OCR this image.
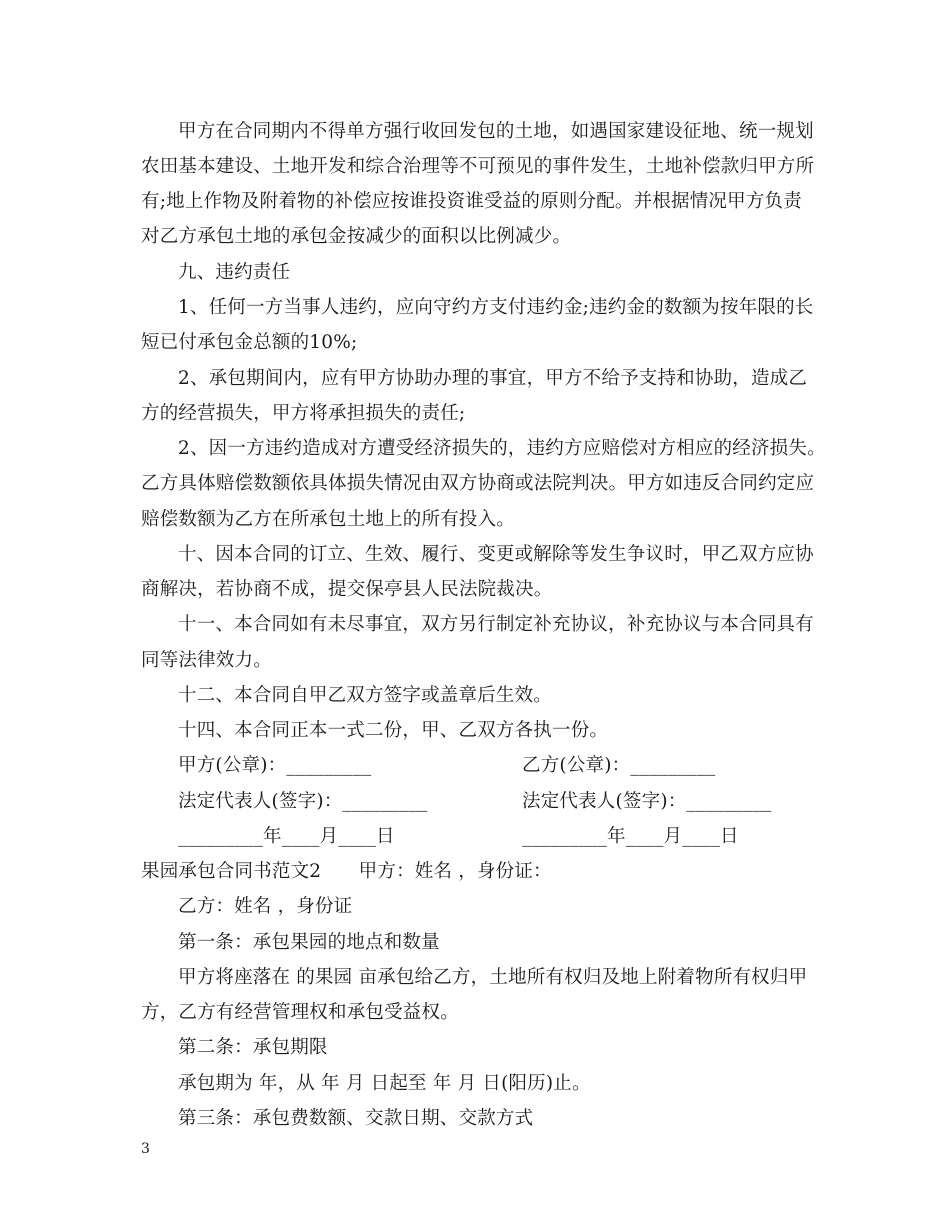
甲方在合同期内不得单方强行收回发包的土地，如遇国家建设征地、统一规划
农田基本建设、土地开发和综合治理等不可预见的事件发生，土地补偿款归甲方所
有;地上作物及附着物的补偿应按谁投资谁受益的原则分配。并根据情况甲方负责
对乙方承包土地的承包金按减少的面积以比例减少。
九、违约责任
1、任何一方当事人违约，应向守约方支付违约金;违约金的数额为按年限的长
短已付承包金总额的10%;
2、承包期间内，应有甲方协助办理的事宜，甲方不给予支持和协助，造成乙
方的经营损失，甲方将承担损失的责任;
2、因一方违约造成对方遭受经济损失的，违约方应赔偿对方相应的经济损失。
乙方具体赔偿数额依具体损失情况由双方协商或法院判决。甲方如违反合同约定应
赔偿数额为乙方在所承包土地上的所有投入。
十、因本合同的订立、生效、履行、变更或解除等发生争议时，甲乙双方应协
商解决，若协商不成，提交保亭县人民法院裁决。
十一、本合同如有未尽事宜，双方另行制定补充协议，补充协议与本合同具有
同等法律效力。
十二、本合同自甲乙双方签字或盖章后生效。
十四、本合同正本一式二份，甲、乙双方各执一份。
甲方(公章)：_________	乙方(公章)：_________
法定代表人(签字)：_________	法定代表人(签字)：_________
_________年____月____日	_________年____月____日
果园承包合同书范文2　　甲方：姓名 ，身份证：
乙方：姓名 ，身份证
第一条：承包果园的地点和数量
甲方将座落在 的果园 亩承包给乙方，土地所有权归及地上附着物所有权归甲
方，乙方有经营管理权和承包受益权。
第二条：承包期限
承包期为 年，从 年 月 日起至 年 月 日(阳历)止。
第三条：承包费数额、交款日期、交款方式
3
